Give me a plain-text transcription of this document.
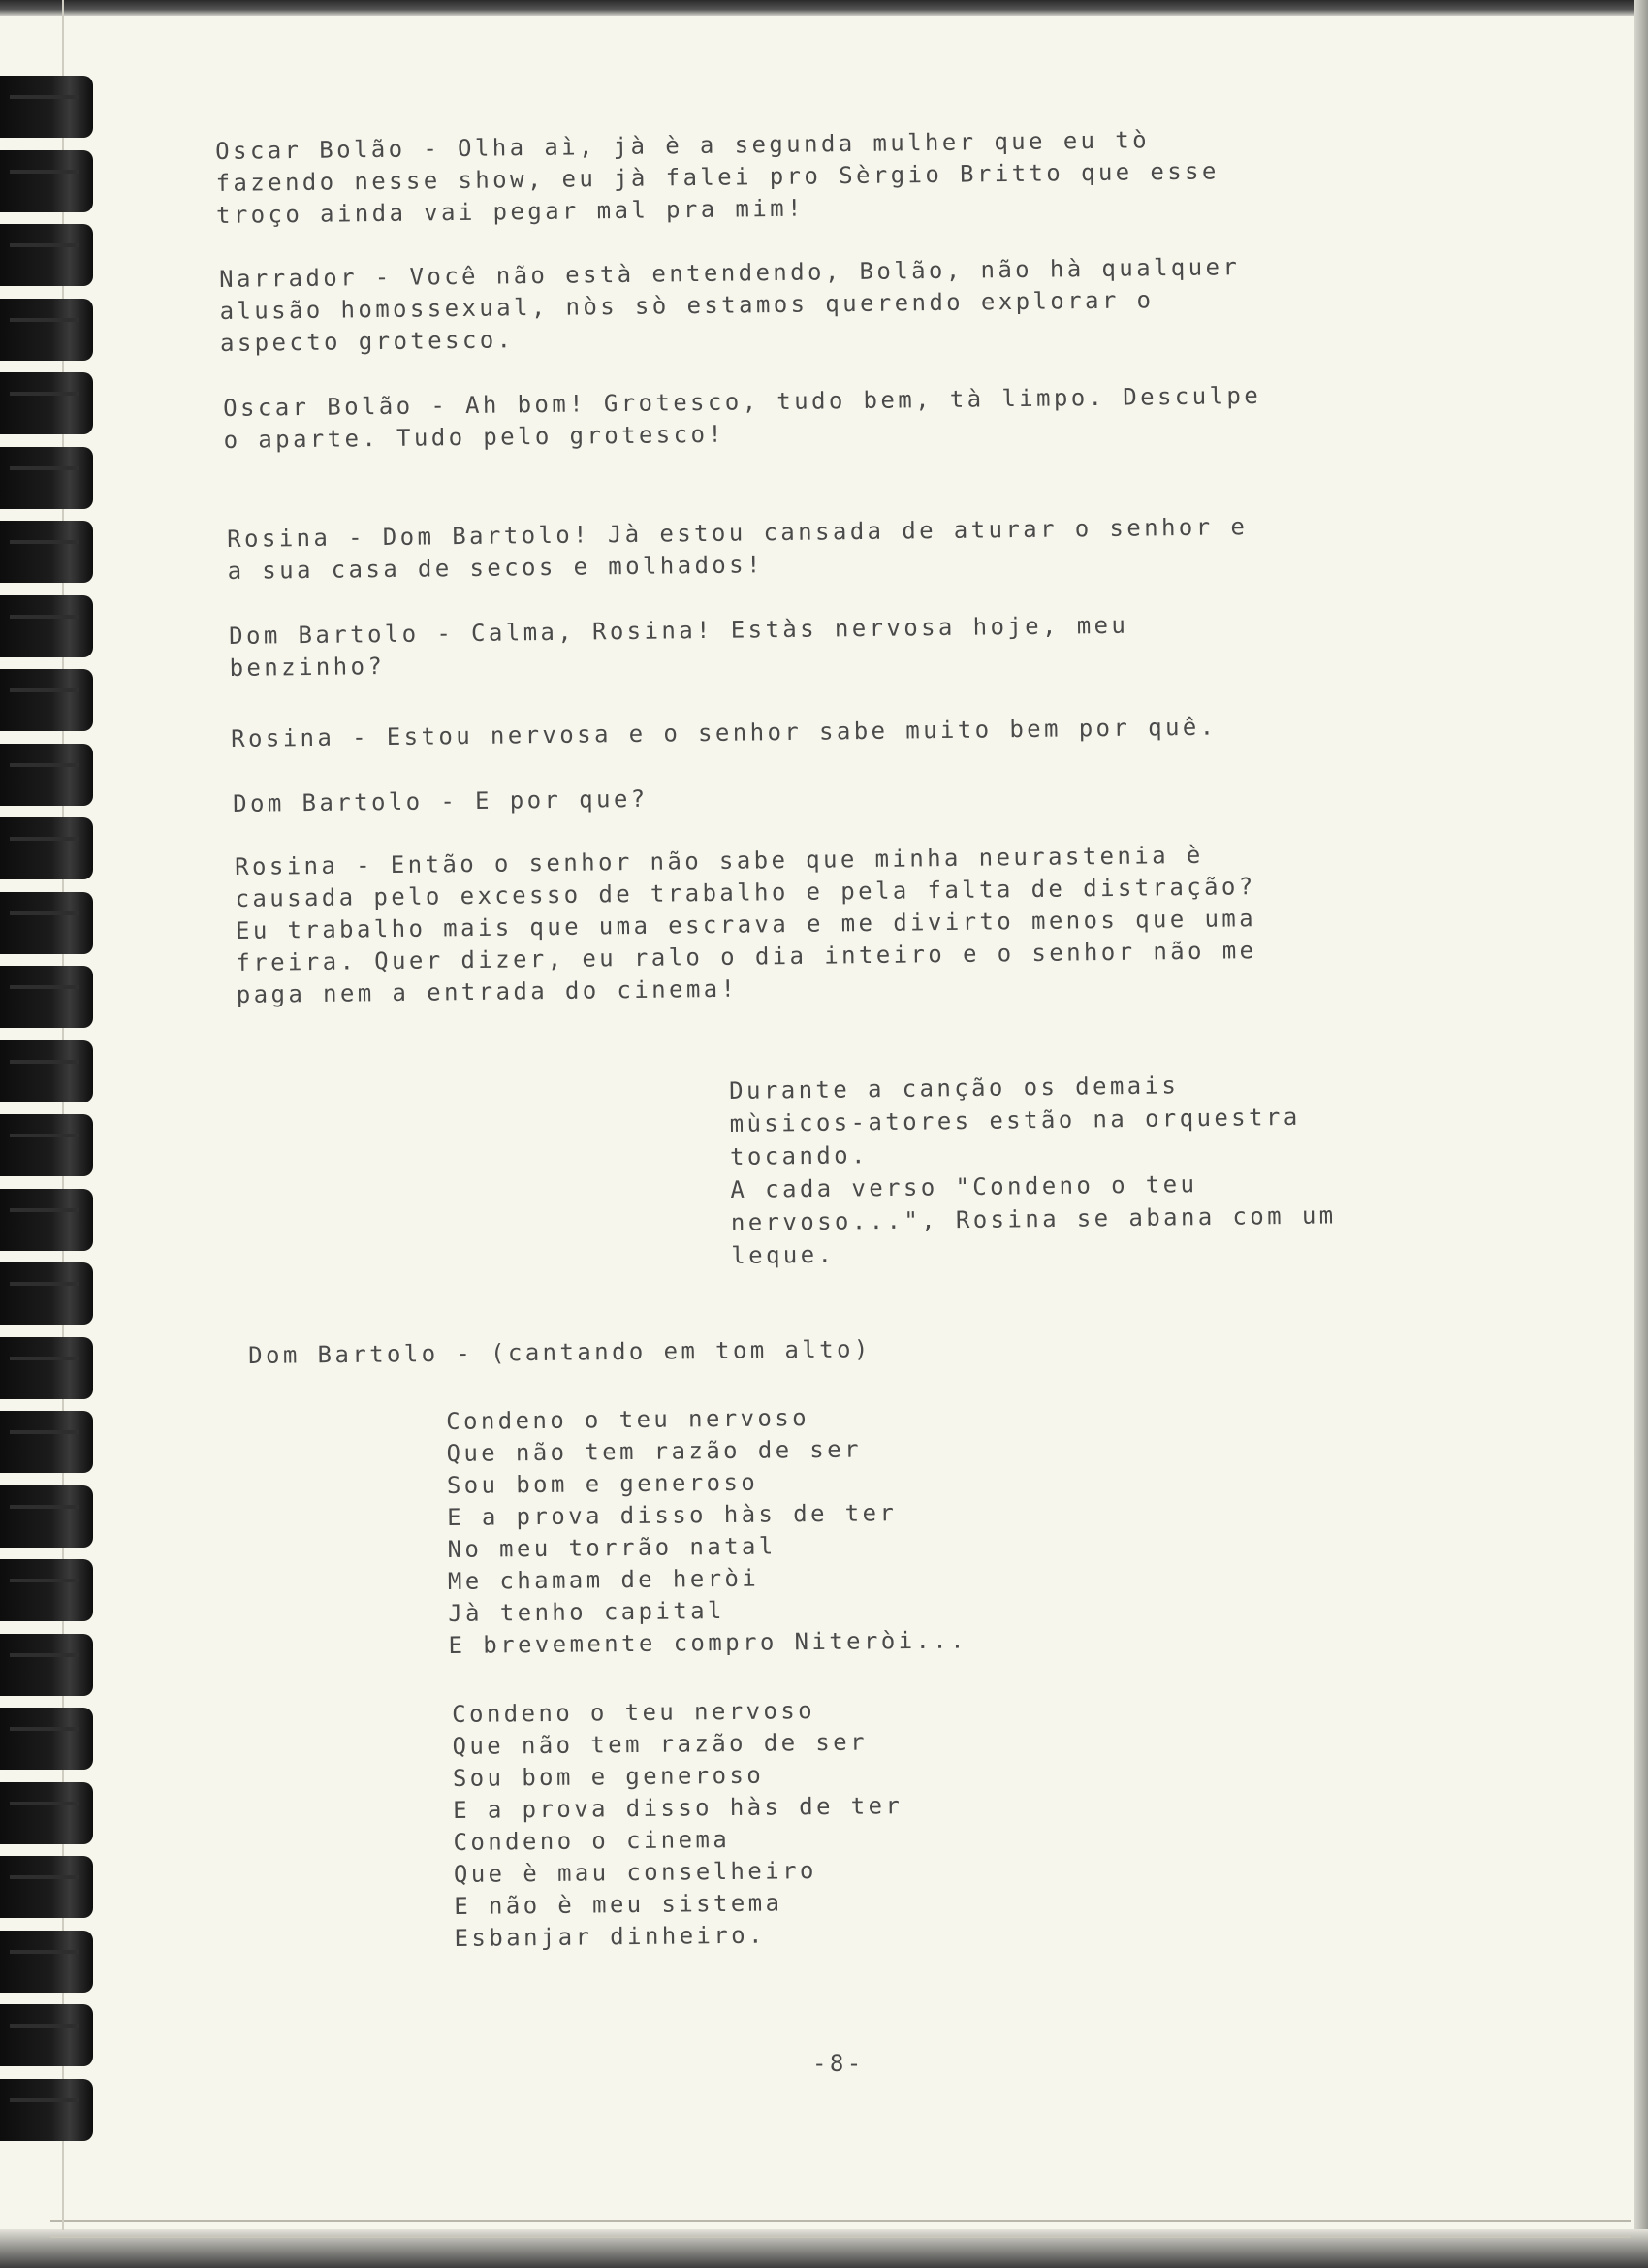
Oscar Bolão - Olha aì, jà è a segunda mulher que eu tò
fazendo nesse show, eu jà falei pro Sèrgio Britto que esse
troço ainda vai pegar mal pra mim!

Narrador - Você não està entendendo, Bolão, não hà qualquer
alusão homossexual, nòs sò estamos querendo explorar o
aspecto grotesco.

Oscar Bolão - Ah bom! Grotesco, tudo bem, tà limpo. Desculpe
o aparte. Tudo pelo grotesco!

Rosina - Dom Bartolo! Jà estou cansada de aturar o senhor e
a sua casa de secos e molhados!

Dom Bartolo - Calma, Rosina! Estàs nervosa hoje, meu
benzinho?

Rosina - Estou nervosa e o senhor sabe muito bem por quê.

Dom Bartolo - E por que?

Rosina - Então o senhor não sabe que minha neurastenia è
causada pelo excesso de trabalho e pela falta de distração?
Eu trabalho mais que uma escrava e me divirto menos que uma
freira. Quer dizer, eu ralo o dia inteiro e o senhor não me
paga nem a entrada do cinema!

Durante a canção os demais
mùsicos-atores estão na orquestra
tocando.
A cada verso "Condeno o teu
nervoso...", Rosina se abana com um
leque.

Dom Bartolo - (cantando em tom alto)

Condeno o teu nervoso
Que não tem razão de ser
Sou bom e generoso
E a prova disso hàs de ter
No meu torrão natal
Me chamam de heròi
Jà tenho capital
E brevemente compro Niteròi...

Condeno o teu nervoso
Que não tem razão de ser
Sou bom e generoso
E a prova disso hàs de ter
Condeno o cinema
Que è mau conselheiro
E não è meu sistema
Esbanjar dinheiro.

-8-
